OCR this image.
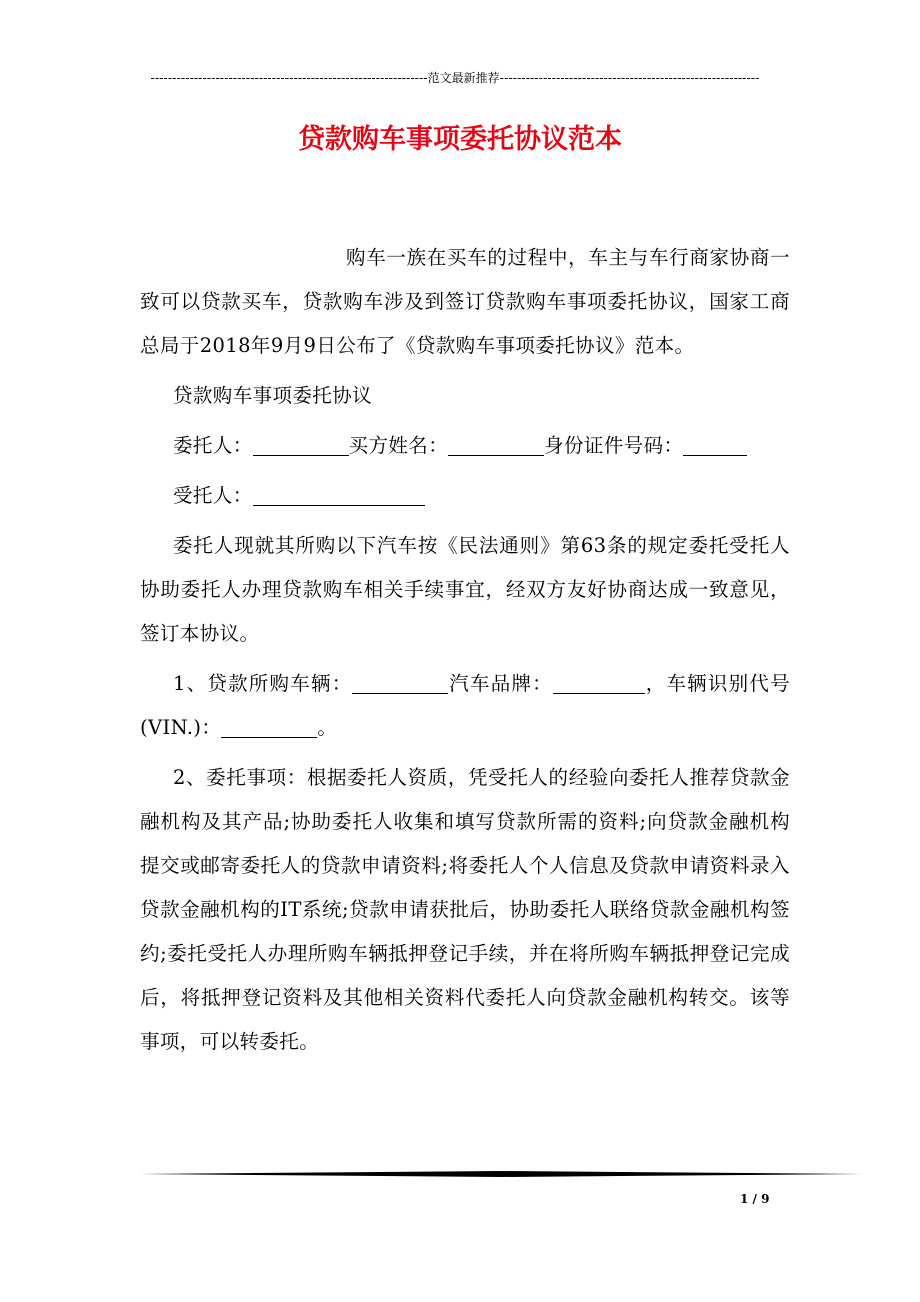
----------------------------------------------------------------范文最新推荐------------------------------------------------------------
贷款购车事项委托协议范本

购车一族在买车的过程中，车主与车行商家协商一致可以贷款买车，贷款购车涉及到签订贷款购车事项委托协议，国家工商总局于2018年9月9日公布了《贷款购车事项委托协议》范本。

贷款购车事项委托协议

委托人：	买方姓名：	身份证件号码：

受托人：

委托人现就其所购以下汽车按《民法通则》第63条的规定委托受托人协助委托人办理贷款购车相关手续事宜，经双方友好协商达成一致意见，签订本协议。

1、贷款所购车辆：	汽车品牌：	，车辆识别代号(VIN.)：	。

2、委托事项：根据委托人资质，凭受托人的经验向委托人推荐贷款金融机构及其产品;协助委托人收集和填写贷款所需的资料;向贷款金融机构提交或邮寄委托人的贷款申请资料;将委托人个人信息及贷款申请资料录入贷款金融机构的IT系统;贷款申请获批后，协助委托人联络贷款金融机构签约;委托受托人办理所购车辆抵押登记手续，并在将所购车辆抵押登记完成后，将抵押登记资料及其他相关资料代委托人向贷款金融机构转交。该等事项，可以转委托。

1 / 9
